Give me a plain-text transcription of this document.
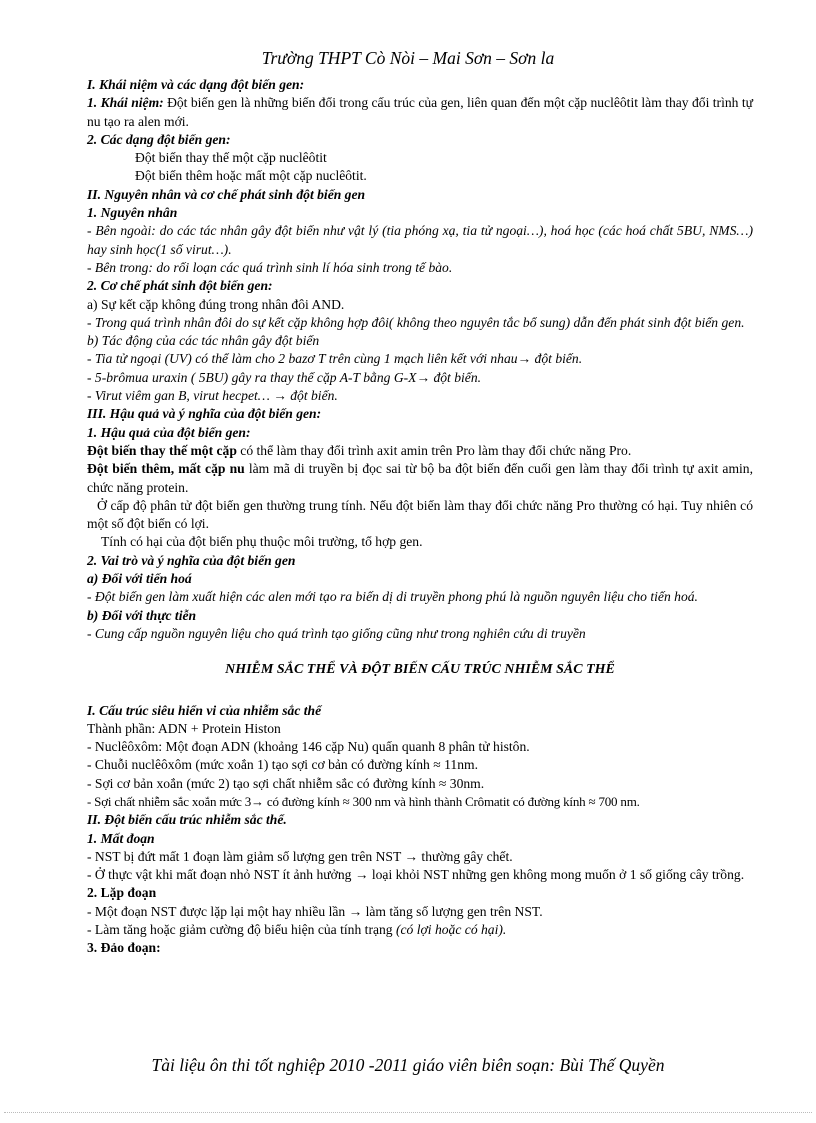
Trường THPT Cò Nòi – Mai Sơn – Sơn la

I. Khái niệm và các dạng đột biến gen:

1. Khái niệm: Đột biến gen là những biến đổi trong cấu trúc của gen, liên quan đến một cặp nuclêôtit làm thay đổi trình tự nu tạo ra alen mới.

2. Các dạng đột biến gen:

Đột biến thay thế một cặp nuclêôtit

Đột biến thêm hoặc mất một cặp nuclêôtit.

II. Nguyên nhân và cơ chế phát sinh đột biến gen

1. Nguyên nhân

- Bên ngoài: do các tác nhân gây đột biến như vật lý (tia phóng xạ, tia tử ngoại…), hoá học (các hoá chất 5BU, NMS…) hay sinh học(1 số virut…).

- Bên trong: do rối loạn các quá trình sinh lí hóa sinh trong tế bào.

2. Cơ chế phát sinh đột biến gen:

a) Sự kết cặp không đúng trong nhân đôi AND.

- Trong quá trình nhân đôi do sự kết cặp không hợp đôi( không theo nguyên tắc bổ sung) dẫn đến phát sinh đột biến gen.

b) Tác động của các tác nhân gây đột biến

- Tia tử ngoại (UV) có thể làm cho 2 bazơ T trên cùng 1 mạch liên kết với nhau→ đột biến.

- 5-brômua uraxin ( 5BU) gây ra thay thế cặp A-T bằng G-X→ đột biến.

- Virut viêm gan B, virut hecpet… → đột biến.

III. Hậu quả và ý nghĩa của đột biến gen:

1. Hậu quả của đột biến gen:

Đột biến thay thế một cặp có thể làm thay đổi trình axit amin trên Pro làm thay đổi chức năng Pro.

Đột biến thêm, mất cặp nu làm mã di truyền bị đọc sai từ bộ ba đột biến đến cuối gen làm thay đổi trình tự axit amin, chức năng protein.

Ở cấp độ phân tử đột biến gen thường trung tính. Nếu đột biến làm thay đổi chức năng Pro thường có hại. Tuy nhiên có một số đột biến có lợi.

Tính có hại của đột biến phụ thuộc môi trường, tổ hợp gen.

2. Vai trò và ý nghĩa của đột biến gen

a) Đối với tiến hoá

- Đột biến gen làm xuất hiện các alen mới tạo ra biến dị di truyền phong phú là nguồn nguyên liệu cho tiến hoá.

b) Đối với thực tiễn

- Cung cấp nguồn nguyên liệu cho quá trình tạo giống cũng như trong nghiên cứu di truyền

NHIỄM SẮC THỂ VÀ ĐỘT BIẾN CẤU TRÚC NHIỄM SẮC THỂ

I. Cấu trúc siêu hiển vi của nhiễm sắc thể

Thành phần: ADN + Protein Histon

- Nuclêôxôm: Một đoạn ADN (khoảng 146 cặp Nu) quấn quanh 8 phân tử histôn.

- Chuỗi nuclêôxôm (mức xoắn 1) tạo sợi cơ bản có đường kính ≈ 11nm.

- Sợi cơ bản xoắn (mức 2) tạo sợi chất nhiễm sắc có đường kính ≈ 30nm.

- Sợi chất nhiễm sắc xoắn mức 3→ có đường kính ≈ 300 nm và hình thành Crômatit có đường kính ≈ 700 nm.

II. Đột biến cấu trúc nhiễm sắc thể.

1. Mất đoạn

- NST bị đứt mất 1 đoạn làm giảm số lượng gen trên NST → thường gây chết.

- Ở thực vật khi mất đoạn nhỏ NST ít ảnh hưởng → loại khỏi NST những gen không mong muốn ở 1 số giống cây trồng.

2. Lặp đoạn

- Một đoạn NST được lặp lại một hay nhiều lần → làm tăng số lượng gen trên NST.

- Làm tăng hoặc giảm cường độ biểu hiện của tính trạng (có lợi hoặc có hại).

3. Đảo đoạn:

Tài liệu ôn thi tốt nghiệp 2010 -2011 giáo viên biên soạn: Bùi Thế Quyền
